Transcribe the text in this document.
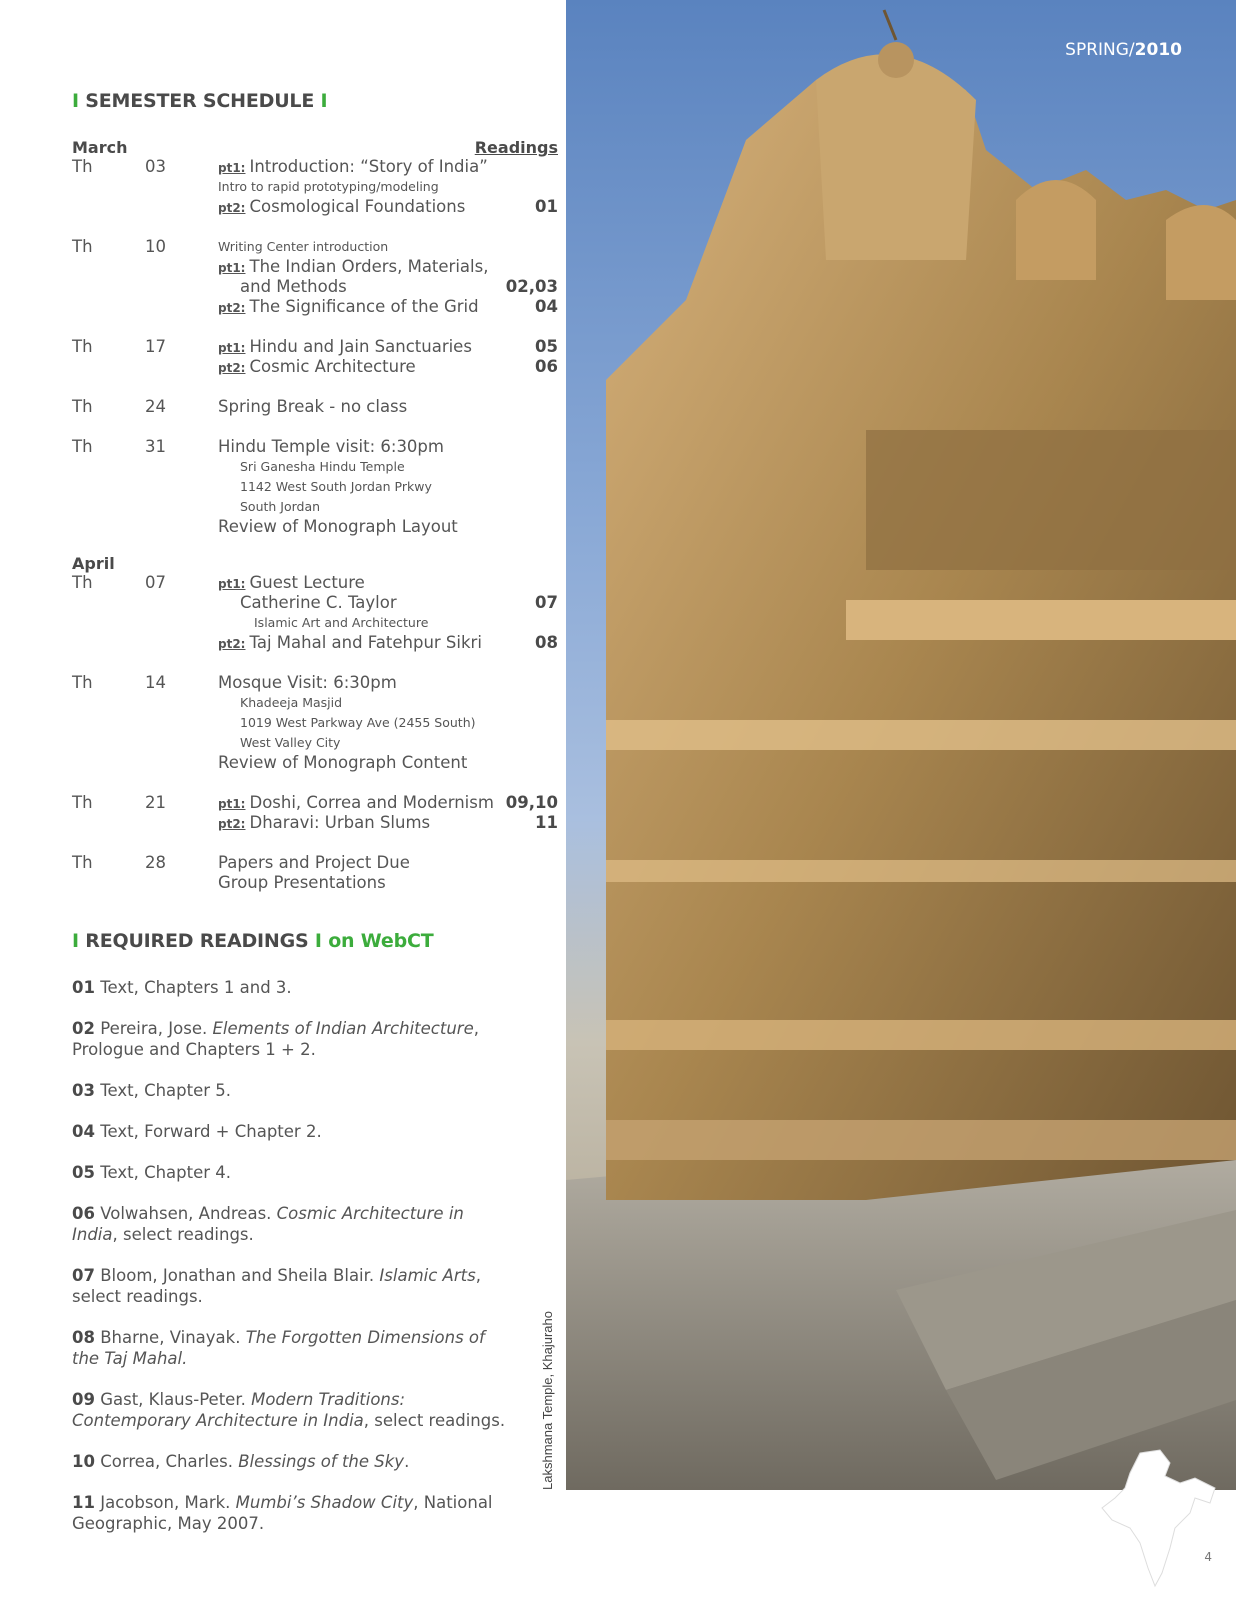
I SEMESTER SCHEDULE I
March	Readings
Th	03	pt1: Introduction: “Story of India”
Intro to rapid prototyping/modeling
pt2: Cosmological Foundations	01
Th	10	Writing Center introduction
pt1: The Indian Orders, Materials,
and Methods	02,03
pt2: The Significance of the Grid	04
Th	17	pt1: Hindu and Jain Sanctuaries	05
pt2: Cosmic Architecture	06
Th	24	Spring Break - no class
Th	31	Hindu Temple visit: 6:30pm
Sri Ganesha Hindu Temple
1142 West South Jordan Prkwy
South Jordan
Review of Monograph Layout
April
Th	07	pt1: Guest Lecture
Catherine C. Taylor	07
Islamic Art and Architecture
pt2: Taj Mahal and Fatehpur Sikri	08
Th	14	Mosque Visit: 6:30pm
Khadeeja Masjid
1019 West Parkway Ave (2455 South)
West Valley City
Review of Monograph Content
Th	21	pt1: Doshi, Correa and Modernism 09,10
pt2: Dharavi: Urban Slums	11
Th	28	Papers and Project Due
Group Presentations
I REQUIRED READINGS I on WebCT
01 Text, Chapters 1 and 3.
02 Pereira, Jose. Elements of Indian Architecture, Prologue and Chapters 1 + 2.
03 Text, Chapter 5.
04 Text, Forward + Chapter 2.
05 Text, Chapter 4.
06 Volwahsen, Andreas. Cosmic Architecture in India, select readings.
07 Bloom, Jonathan and Sheila Blair. Islamic Arts, select readings.
08 Bharne, Vinayak. The Forgotten Dimensions of the Taj Mahal.
09 Gast, Klaus-Peter. Modern Traditions: Contemporary Architecture in India, select readings.
10 Correa, Charles. Blessings of the Sky.
11 Jacobson, Mark. Mumbi’s Shadow City, National Geographic, May 2007.
SPRING/2010
Lakshmana Temple, Khajuraho
4
